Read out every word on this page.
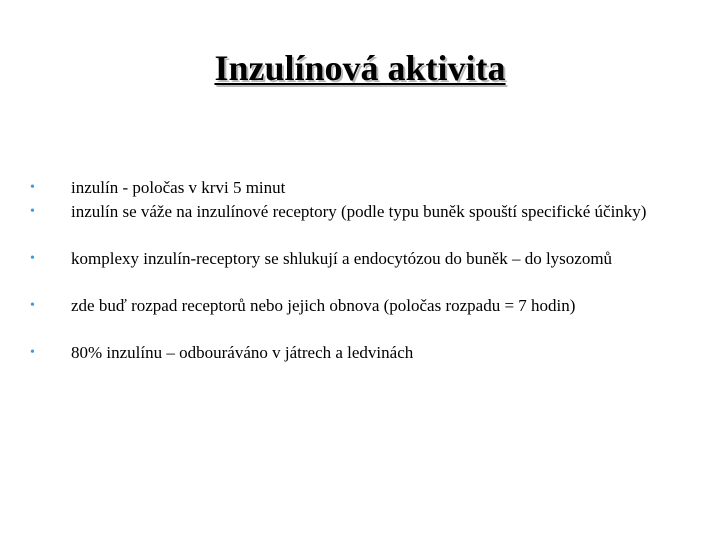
Inzulínová aktivita
• inzulín - poločas v krvi 5 minut
• inzulín se váže na inzulínové receptory (podle typu buněk spouští specifické účinky)
• komplexy inzulín-receptory se shlukují a endocytózou do buněk – do lysozomů
• zde buď rozpad receptorů nebo jejich obnova (poločas rozpadu = 7 hodin)
• 80% inzulínu – odbouráváno v játrech a ledvinách
